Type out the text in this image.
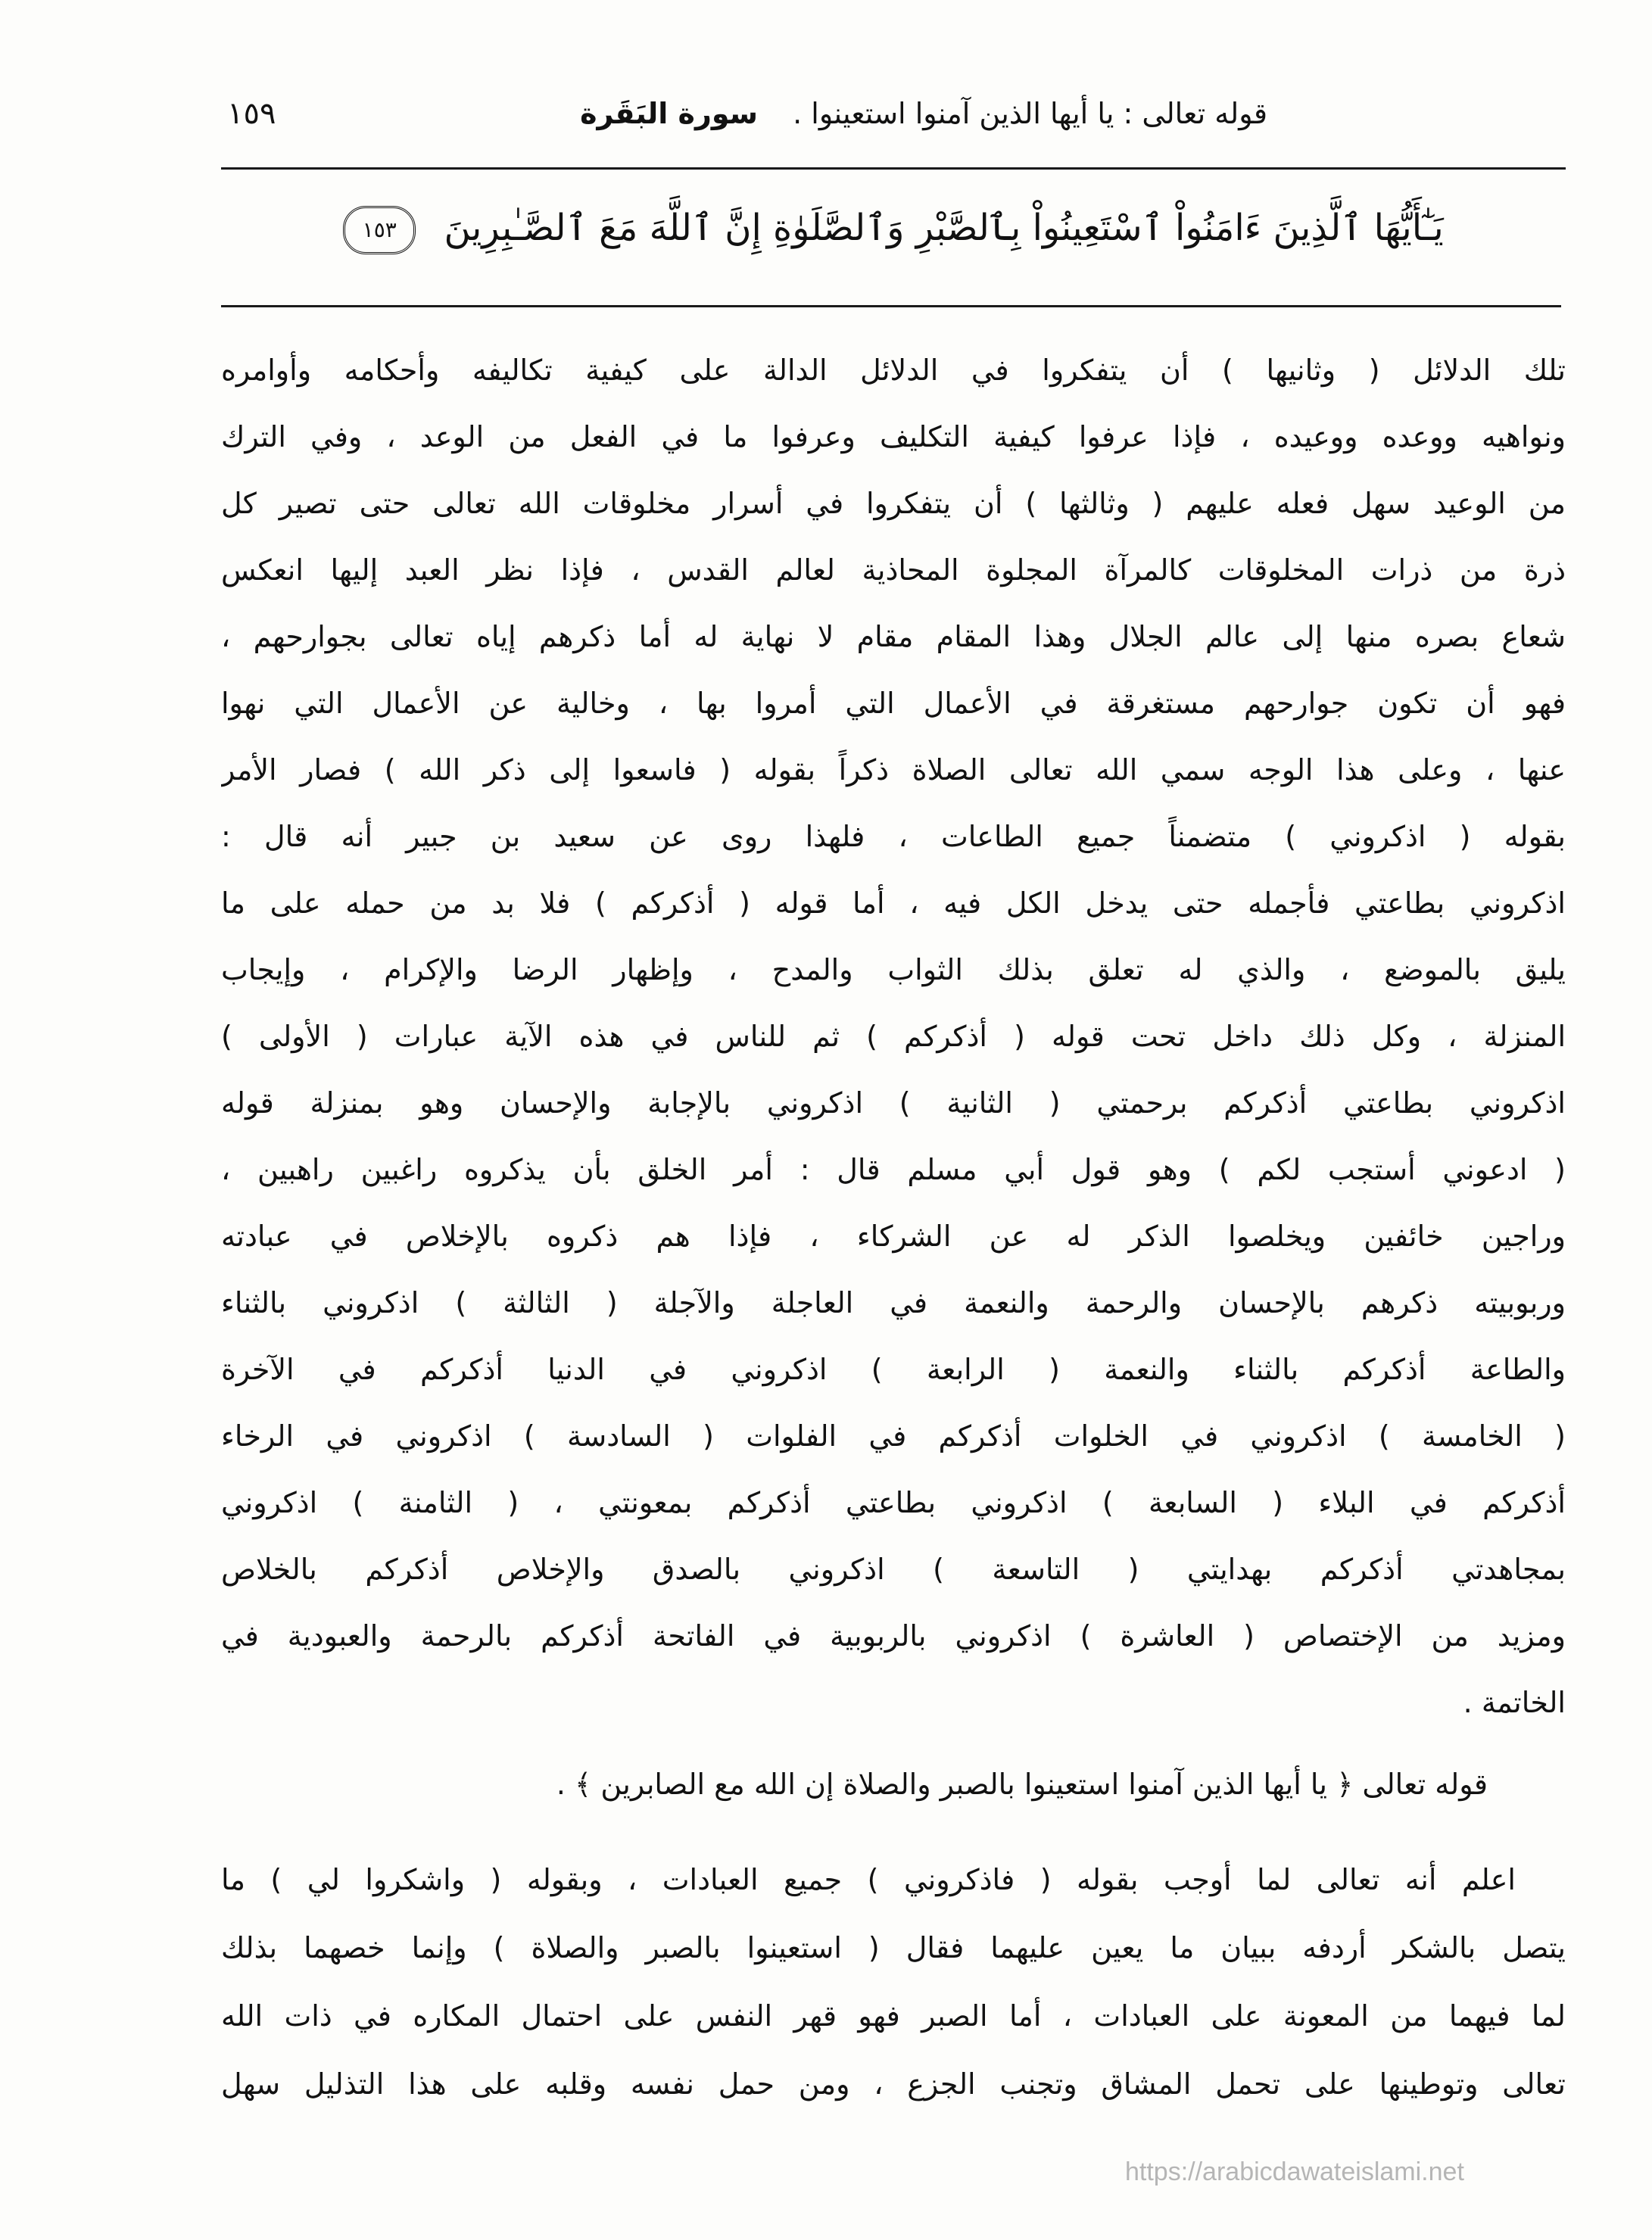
قوله تعالى : يا أيها الذين آمنوا استعينوا . سورة البَقَرة
١٥٩
يَـٰٓأَيُّهَا ٱلَّذِينَ ءَامَنُواْ ٱسْتَعِينُواْ بِٱلصَّبْرِ وَٱلصَّلَوٰةِ إِنَّ ٱللَّهَ مَعَ ٱلصَّـٰبِرِينَ ١٥٣
تلك الدلائل ( وثانيها ) أن يتفكروا في الدلائل الدالة على كيفية تكاليفه وأحكامه وأوامره
ونواهيه ووعده ووعيده ، فإذا عرفوا كيفية التكليف وعرفوا ما في الفعل من الوعد ، وفي الترك
من الوعيد سهل فعله عليهم ( وثالثها ) أن يتفكروا في أسرار مخلوقات الله تعالى حتى تصير كل
ذرة من ذرات المخلوقات كالمرآة المجلوة المحاذية لعالم القدس ، فإذا نظر العبد إليها انعكس
شعاع بصره منها إلى عالم الجلال وهذا المقام مقام لا نهاية له أما ذكرهم إياه تعالى بجوارحهم ،
فهو أن تكون جوارحهم مستغرقة في الأعمال التي أمروا بها ، وخالية عن الأعمال التي نهوا
عنها ، وعلى هذا الوجه سمي الله تعالى الصلاة ذكراً بقوله ( فاسعوا إلى ذكر الله ) فصار الأمر
بقوله ( اذكروني ) متضمناً جميع الطاعات ، فلهذا روى عن سعيد بن جبير أنه قال :
اذكروني بطاعتي فأجمله حتى يدخل الكل فيه ، أما قوله ( أذكركم ) فلا بد من حمله على ما
يليق بالموضع ، والذي له تعلق بذلك الثواب والمدح ، وإظهار الرضا والإكرام ، وإيجاب
المنزلة ، وكل ذلك داخل تحت قوله ( أذكركم ) ثم للناس في هذه الآية عبارات ( الأولى )
اذكروني بطاعتي أذكركم برحمتي ( الثانية ) اذكروني بالإجابة والإحسان وهو بمنزلة قوله
( ادعوني أستجب لكم ) وهو قول أبي مسلم قال : أمر الخلق بأن يذكروه راغبين راهبين ،
وراجين خائفين ويخلصوا الذكر له عن الشركاء ، فإذا هم ذكروه بالإخلاص في عبادته
وربوبيته ذكرهم بالإحسان والرحمة والنعمة في العاجلة والآجلة ( الثالثة ) اذكروني بالثناء
والطاعة أذكركم بالثناء والنعمة ( الرابعة ) اذكروني في الدنيا أذكركم في الآخرة
( الخامسة ) اذكروني في الخلوات أذكركم في الفلوات ( السادسة ) اذكروني في الرخاء
أذكركم في البلاء ( السابعة ) اذكروني بطاعتي أذكركم بمعونتي ، ( الثامنة ) اذكروني
بمجاهدتي أذكركم بهدايتي ( التاسعة ) اذكروني بالصدق والإخلاص أذكركم بالخلاص
ومزيد من الإختصاص ( العاشرة ) اذكروني بالربوبية في الفاتحة أذكركم بالرحمة والعبودية في
الخاتمة .
قوله تعالى ﴿ يا أيها الذين آمنوا استعينوا بالصبر والصلاة إن الله مع الصابرين ﴾ .
اعلم أنه تعالى لما أوجب بقوله ( فاذكروني ) جميع العبادات ، وبقوله ( واشكروا لي ) ما
يتصل بالشكر أردفه ببيان ما يعين عليهما فقال ( استعينوا بالصبر والصلاة ) وإنما خصهما بذلك
لما فيهما من المعونة على العبادات ، أما الصبر فهو قهر النفس على احتمال المكاره في ذات الله
تعالى وتوطينها على تحمل المشاق وتجنب الجزع ، ومن حمل نفسه وقلبه على هذا التذليل سهل
https://arabicdawateislami.net
